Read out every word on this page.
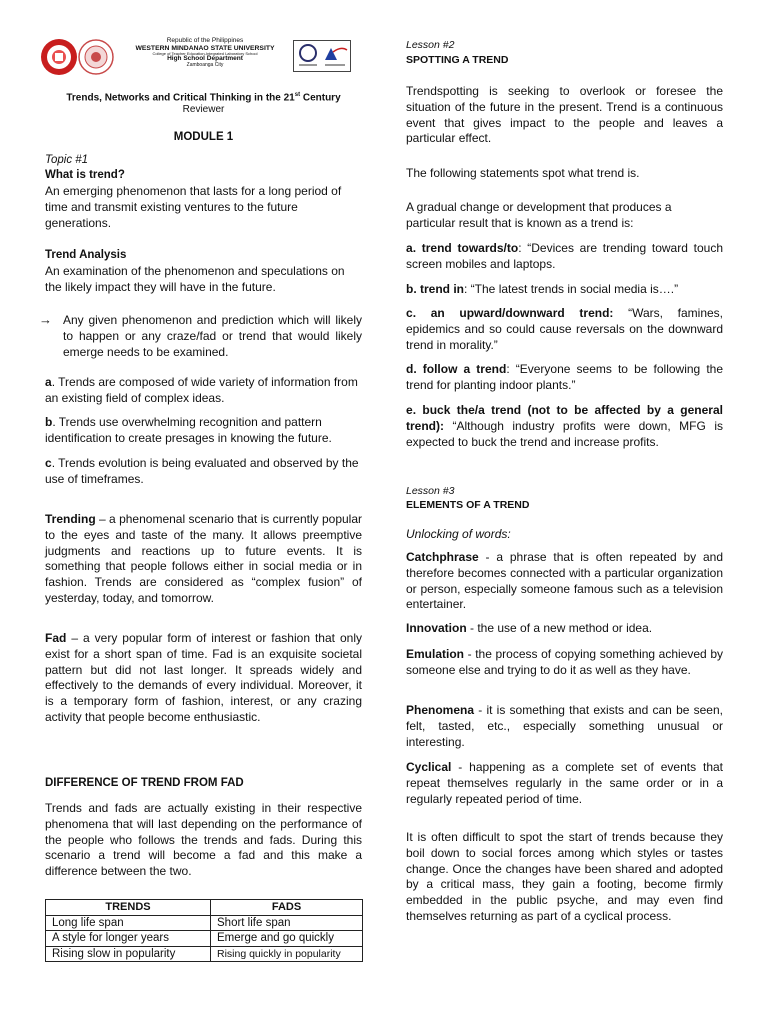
Republic of the Philippines
WESTERN MINDANAO STATE UNIVERSITY
College of Teacher Education-Integrated Laboratory School
High School Department
Zamboanga City
Trends, Networks and Critical Thinking in the 21st Century
Reviewer
MODULE 1
Topic #1
What is trend?

An emerging phenomenon that lasts for a long period of time and transmit existing ventures to the future generations.

Trend Analysis

An examination of the phenomenon and speculations on the likely impact they will have in the future.

→ Any given phenomenon and prediction which will likely to happen or any craze/fad or trend that would likely emerge needs to be examined.

a. Trends are composed of wide variety of information from an existing field of complex ideas.

b. Trends use overwhelming recognition and pattern identification to create presages in knowing the future.

c. Trends evolution is being evaluated and observed by the use of timeframes.

Trending – a phenomenal scenario that is currently popular to the eyes and taste of the many. It allows preemptive judgments and reactions up to future events. It is something that people follows either in social media or in fashion. Trends are considered as “complex fusion” of yesterday, today, and tomorrow.

Fad – a very popular form of interest or fashion that only exist for a short span of time. Fad is an exquisite societal pattern but did not last longer. It spreads widely and effectively to the demands of every individual. Moreover, it is a temporary form of fashion, interest, or any crazing activity that people become enthusiastic.

DIFFERENCE OF TREND FROM FAD

Trends and fads are actually existing in their respective phenomena that will last depending on the performance of the people who follows the trends and fads. During this scenario a trend will become a fad and this make a difference between the two.

TRENDS	FADS
Long life span	Short life span
A style for longer years	Emerge and go quickly
Rising slow in popularity	Rising quickly in popularity
Lesson #2
SPOTTING A TREND

Trendspotting is seeking to overlook or foresee the situation of the future in the present. Trend is a continuous event that gives impact to the people and leaves a particular effect.

The following statements spot what trend is.

A gradual change or development that produces a particular result that is known as a trend is:

a. trend towards/to: “Devices are trending toward touch screen mobiles and laptops.

b. trend in: “The latest trends in social media is….”

c. an upward/downward trend: “Wars, famines, epidemics and so could cause reversals on the downward trend in morality.”

d. follow a trend: “Everyone seems to be following the trend for planting indoor plants.”

e. buck the/a trend (not to be affected by a general trend): “Although industry profits were down, MFG is expected to buck the trend and increase profits.

Lesson #3
ELEMENTS OF A TREND
Unlocking of words:

Catchphrase - a phrase that is often repeated by and therefore becomes connected with a particular organization or person, especially someone famous such as a television entertainer.

Innovation - the use of a new method or idea.

Emulation - the process of copying something achieved by someone else and trying to do it as well as they have.

Phenomena - it is something that exists and can be seen, felt, tasted, etc., especially something unusual or interesting.

Cyclical - happening as a complete set of events that repeat themselves regularly in the same order or in a regularly repeated period of time.

It is often difficult to spot the start of trends because they boil down to social forces among which styles or tastes change. Once the changes have been shared and adopted by a critical mass, they gain a footing, become firmly embedded in the public psyche, and may even find themselves returning as part of a cyclical process.
